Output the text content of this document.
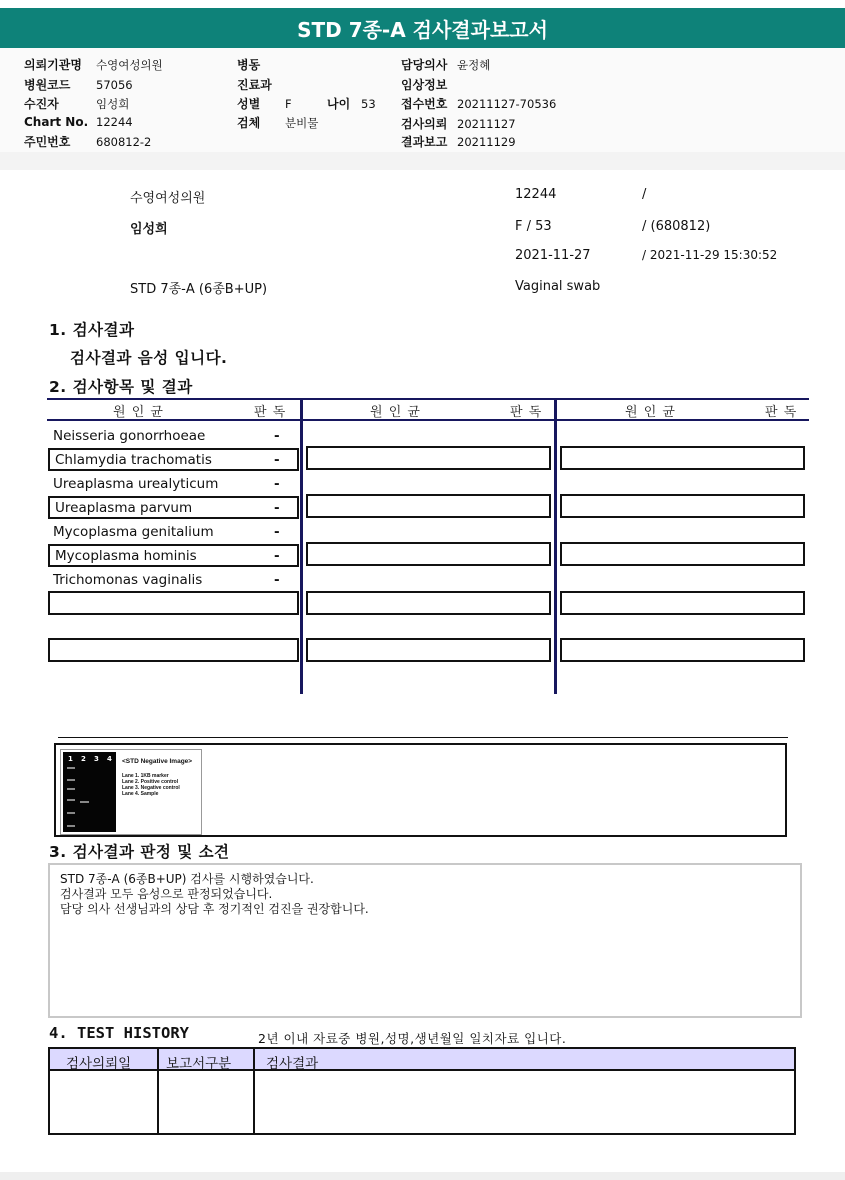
STD 7종-A 검사결과보고서
의뢰기관명 수영여성의원
병원코드 57056
수진자	임성희
Chart No. 12244
주민번호 680812-2
병동
진료과
성별 F	나이 53
검체 분비물
담당의사 윤정혜
임상정보
접수번호 20211127-70536
검사의뢰 20211127
결과보고 20211129
수영여성의원	12244	/
임성희	F / 53	/ (680812)
2021-11-27	/ 2021-11-29 15:30:52
STD 7종-A (6종B+UP)	Vaginal swab
1. 검사결과
검사결과 음성 입니다.
2. 검사항목 및 결과
원 인 균	판 독	원 인 균	판 독	원 인 균	판 독
Neisseria gonorrhoeae	-
Chlamydia trachomatis	-
Ureaplasma urealyticum	-
Ureaplasma parvum	-
Mycoplasma genitalium	-
Mycoplasma hominis	-
Trichomonas vaginalis	-
1 2 3 4 <STD Negative Image>
Lane 1. 1KB marker
Lane 2. Positive control
Lane 3. Negative control
Lane 4. Sample
3. 검사결과 판정 및 소견
STD 7종-A (6종B+UP) 검사를 시행하였습니다.
검사결과 모두 음성으로 판정되었습니다.
담당 의사 선생님과의 상담 후 정기적인 검진을 권장합니다.
4. TEST HISTORY	2년 이내 자료중 병원,성명,생년월일 일치자료 입니다.
검사의뢰일	보고서구분	검사결과
